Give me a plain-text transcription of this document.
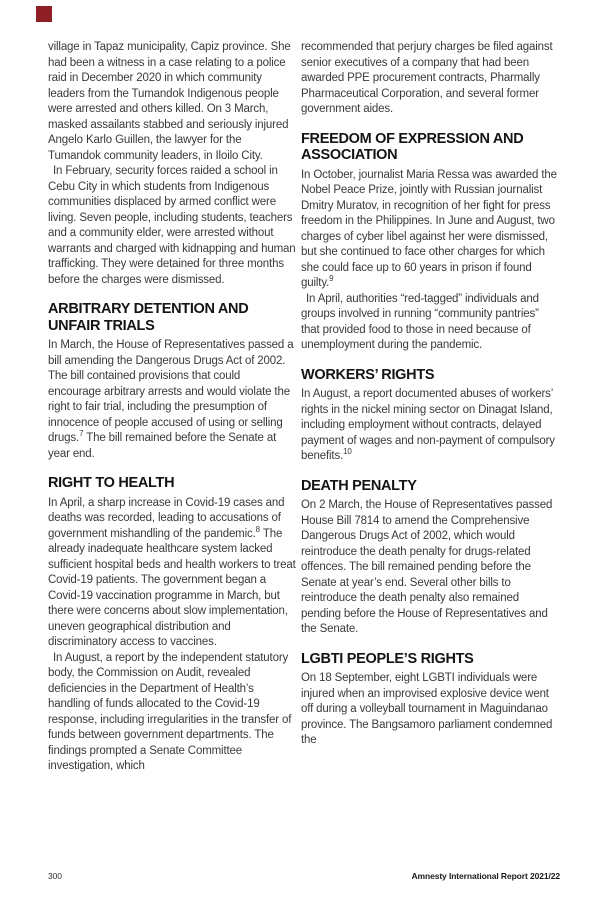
village in Tapaz municipality, Capiz province. She had been a witness in a case relating to a police raid in December 2020 in which community leaders from the Tumandok Indigenous people were arrested and others killed. On 3 March, masked assailants stabbed and seriously injured Angelo Karlo Guillen, the lawyer for the Tumandok community leaders, in Iloilo City.

In February, security forces raided a school in Cebu City in which students from Indigenous communities displaced by armed conflict were living. Seven people, including students, teachers and a community elder, were arrested without warrants and charged with kidnapping and human trafficking. They were detained for three months before the charges were dismissed.

ARBITRARY DETENTION AND UNFAIR TRIALS

In March, the House of Representatives passed a bill amending the Dangerous Drugs Act of 2002. The bill contained provisions that could encourage arbitrary arrests and would violate the right to fair trial, including the presumption of innocence of people accused of using or selling drugs.$^7$ The bill remained before the Senate at year end.

RIGHT TO HEALTH

In April, a sharp increase in Covid-19 cases and deaths was recorded, leading to accusations of government mishandling of the pandemic.$^8$ The already inadequate healthcare system lacked sufficient hospital beds and health workers to treat Covid-19 patients. The government began a Covid-19 vaccination programme in March, but there were concerns about slow implementation, uneven geographical distribution and discriminatory access to vaccines.

In August, a report by the independent statutory body, the Commission on Audit, revealed deficiencies in the Department of Health’s handling of funds allocated to the Covid-19 response, including irregularities in the transfer of funds between government departments. The findings prompted a Senate Committee investigation, which

recommended that perjury charges be filed against senior executives of a company that had been awarded PPE procurement contracts, Pharmally Pharmaceutical Corporation, and several former government aides.

FREEDOM OF EXPRESSION AND ASSOCIATION

In October, journalist Maria Ressa was awarded the Nobel Peace Prize, jointly with Russian journalist Dmitry Muratov, in recognition of her fight for press freedom in the Philippines. In June and August, two charges of cyber libel against her were dismissed, but she continued to face other charges for which she could face up to 60 years in prison if found guilty.$^9$

In April, authorities “red-tagged” individuals and groups involved in running “community pantries” that provided food to those in need because of unemployment during the pandemic.

WORKERS’ RIGHTS

In August, a report documented abuses of workers’ rights in the nickel mining sector on Dinagat Island, including employment without contracts, delayed payment of wages and non-payment of compulsory benefits.$^{10}$

DEATH PENALTY

On 2 March, the House of Representatives passed House Bill 7814 to amend the Comprehensive Dangerous Drugs Act of 2002, which would reintroduce the death penalty for drugs-related offences. The bill remained pending before the Senate at year’s end. Several other bills to reintroduce the death penalty also remained pending before the House of Representatives and the Senate.

LGBTI PEOPLE’S RIGHTS

On 18 September, eight LGBTI individuals were injured when an improvised explosive device went off during a volleyball tournament in Maguindanao province. The Bangsamoro parliament condemned the

300	Amnesty International Report 2021/22
